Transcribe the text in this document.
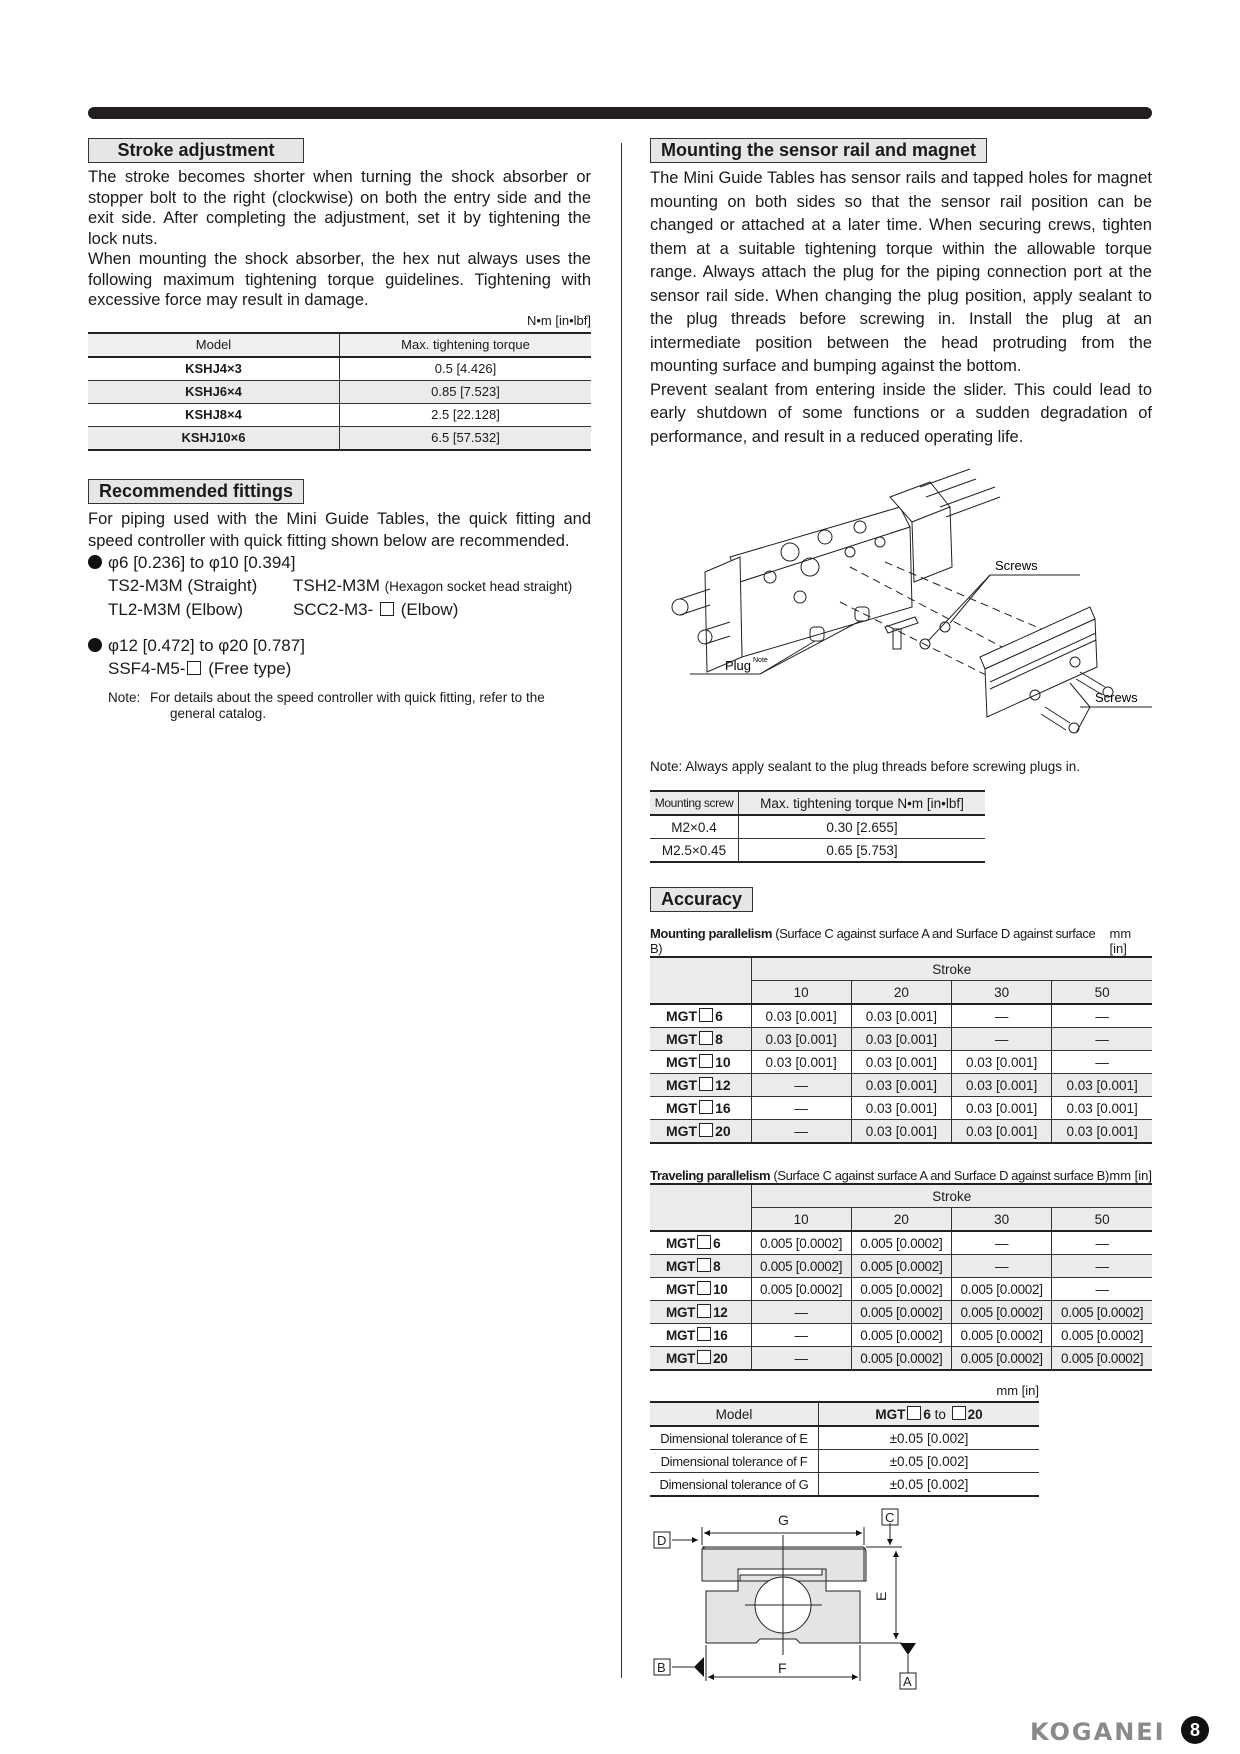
Stroke adjustment

The stroke becomes shorter when turning the shock absorber or stopper bolt to the right (clockwise) on both the entry side and the exit side. After completing the adjustment, set it by tightening the lock nuts.

When mounting the shock absorber, the hex nut always uses the following maximum tightening torque guidelines. Tightening with excessive force may result in damage.

N•m [in•lbf]
Model	Max. tightening torque
KSHJ4×3	0.5 [4.426]
KSHJ6×4	0.85 [7.523]
KSHJ8×4	2.5 [22.128]
KSHJ10×6	6.5 [57.532]
Recommended fittings

For piping used with the Mini Guide Tables, the quick fitting and speed controller with quick fitting shown below are recommended.

φ6 [0.236] to φ10 [0.394]
TS2-M3M (Straight)	TSH2-M3M (Hexagon socket head straight)
TL2-M3M (Elbow)	SCC2-M3-  (Elbow)
φ12 [0.472] to φ20 [0.787]
SSF4-M5- (Free type)
Note: For details about the speed controller with quick fitting, refer to the
general catalog.
Mounting the sensor rail and magnet

The Mini Guide Tables has sensor rails and tapped holes for magnet mounting on both sides so that the sensor rail position can be changed or attached at a later time. When securing crews, tighten them at a suitable tightening torque within the allowable torque range. Always attach the plug for the piping connection port at the sensor rail side. When changing the plug position, apply sealant to the plug threads before screwing in. Install the plug at an intermediate position between the head protruding from the mounting surface and bumping against the bottom.

Prevent sealant from entering inside the slider. This could lead to early shutdown of some functions or a sudden degradation of performance, and result in a reduced operating life.

Screws
Screws
Plug Note
Note: Always apply sealant to the plug threads before screwing plugs in.
Mounting screw	Max. tightening torque N•m [in•lbf]
M2×0.4	0.30 [2.655]
M2.5×0.45	0.65 [5.753]
Accuracy
Mounting parallelism (Surface C against surface A and Surface D against surface B)
mm [in]
	Stroke			
	10	20	30	50
MGT 6	0.03 [0.001]	0.03 [0.001]	—	—
MGT 8	0.03 [0.001]	0.03 [0.001]	—	—
MGT 10	0.03 [0.001]	0.03 [0.001]	0.03 [0.001]	—
MGT 12	—	0.03 [0.001]	0.03 [0.001]	0.03 [0.001]
MGT 16	—	0.03 [0.001]	0.03 [0.001]	0.03 [0.001]
MGT 20	—	0.03 [0.001]	0.03 [0.001]	0.03 [0.001]
Traveling parallelism (Surface C against surface A and Surface D against surface B) mm [in]
	Stroke			
	10	20	30	50
MGT 6	0.005 [0.0002]	0.005 [0.0002]	—	—
MGT 8	0.005 [0.0002]	0.005 [0.0002]	—	—
MGT 10	0.005 [0.0002]	0.005 [0.0002]	0.005 [0.0002]	—
MGT 12	—	0.005 [0.0002]	0.005 [0.0002]	0.005 [0.0002]
MGT 16	—	0.005 [0.0002]	0.005 [0.0002]	0.005 [0.0002]
MGT 20	—	0.005 [0.0002]	0.005 [0.0002]	0.005 [0.0002]
mm [in]
Model	MGT 6 to 20
Dimensional tolerance of E	±0.05 [0.002]
Dimensional tolerance of F	±0.05 [0.002]
Dimensional tolerance of G	±0.05 [0.002]
G
F
E
C
D
A
B
KOGANEI	8
